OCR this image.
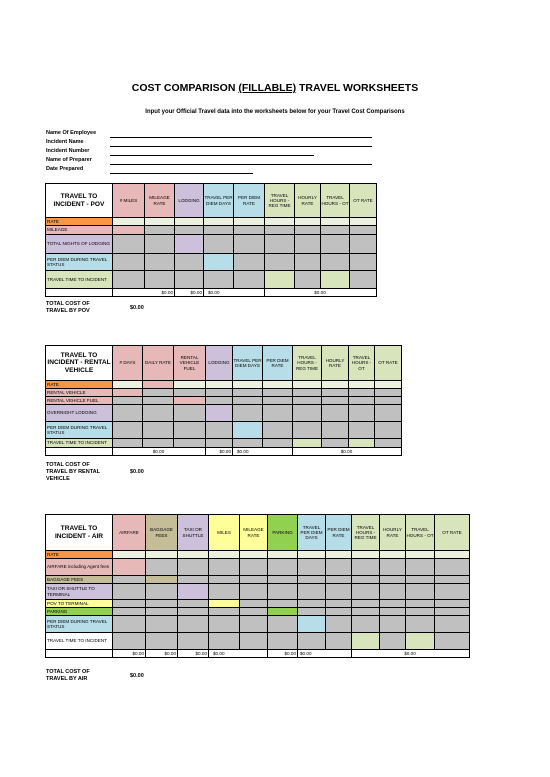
COST COMPARISON (FILLABLE) TRAVEL WORKSHEETS
Input your Official Travel data into the worksheets below for your Travel Cost Comparisons
Name Of Employee
Incident Name
Incident Number
Name of Preparer
Date Prepared
TRAVEL TO INCIDENT - POV	# MILES	MILEAGE RATE	LODGING	TRAVEL PER DIEM DAYS	PER DIEM RATE	TRAVEL HOURS - REG TIME	HOURLY RATE	TRAVEL HOURS - OT	OT RATE
RATE									
MILEAGE									
TOTAL NIGHTS OF LODGING									
PER DIEM DURING TRAVEL STATUS									
TRAVEL TIME TO INCIDENT									
	$0.00		$0.00	$0.00		$0.00			
TOTAL COST OF TRAVEL BY POV	$0.00
TRAVEL TO INCIDENT - RENTAL VEHICLE	# DAYS	DAILY RATE	RENTAL VEHICLE FUEL	LODGING	TRAVEL PER DIEM DAYS	PER DIEM RATE	TRAVEL HOURS - REG TIME	HOURLY RATE	TRAVEL HOURS - OT	OT RATE
RATE										
RENTAL VEHICLE										
RENTAL VEHICLE FUEL										
OVERNIGHT LODGING										
PER DIEM DURING TRAVEL STATUS										
TRAVEL TIME TO INCIDENT										
	$0.00			$0.00	$0.00		$0.00			
TOTAL COST OF TRAVEL BY RENTAL VEHICLE
$0.00
TRAVEL TO INCIDENT - AIR	AIRFARE	BAGGAGE FEES	TAXI OR SHUTTLE	MILES	MILEAGE RATE	PARKING	TRAVEL PER DIEM DAYS	PER DIEM RATE	TRAVEL HOURS - REG TIME	HOURLY RATE	TRAVEL HOURS - OT	OT RATE
RATE												
AIRFARE including Agent fees												
BAGGAGE FEES												
TAXI OR SHUTTLE TO TERMINAL												
POV TO TERMINAL												
PARKING												
PER DIEM DURING TRAVEL STATUS												
TRAVEL TIME TO INCIDENT												
	$0.00	$0.00	$0.00	$0.00		$0.00	$0.00		$0.00			
TOTAL COST OF TRAVEL BY AIR	$0.00
